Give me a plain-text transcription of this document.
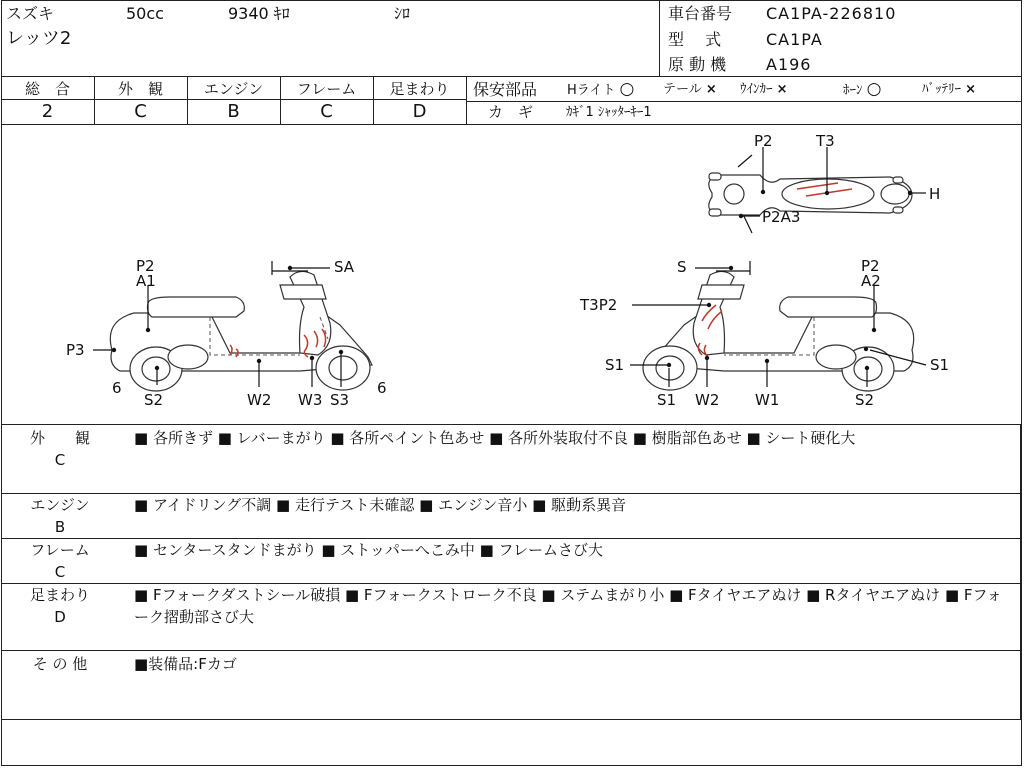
スズキ	50cc	9340 ｷﾛ	ｼﾛ
レッツ2
車台番号 CA1PA-226810
型　 式	CA1PA
原 動 機 A196
総　合
2
外　観
C
エンジン
B
フレーム
C
足まわり
D
保安部品 Hライト ○ テール × ｳｲﾝｶｰ ×	ﾎｰﾝ ○	ﾊﾞｯﾃﾘｰ ×
カ　ギ	ｶｷﾞ1 ｼｬｯﾀｰｷｰ1
P2	T3
H
P2A3
P2
A1
SA
P3
6
S2	W2 W3 S3
6
S	P2
A2
T3P2
S1	S1
S1 W2 W1	S2
外　　観
C
■ 各所きず ■ レバーまがり ■ 各所ペイント色あせ ■ 各所外装取付不良 ■ 樹脂部色あせ ■ シート硬化大
エンジン
B
■ アイドリング不調 ■ 走行テスト未確認 ■ エンジン音小 ■ 駆動系異音
フレーム
C
■ センタースタンドまがり ■ ストッパーへこみ中 ■ フレームさび大
足まわり
D
■ Fフォークダストシール破損 ■ Fフォークストローク不良 ■ ステムまがり小 ■ Fタイヤエアぬけ ■ Rタイヤエアぬけ ■ Fフォーク摺動部さび大
そ の 他	■装備品:Fカゴ
